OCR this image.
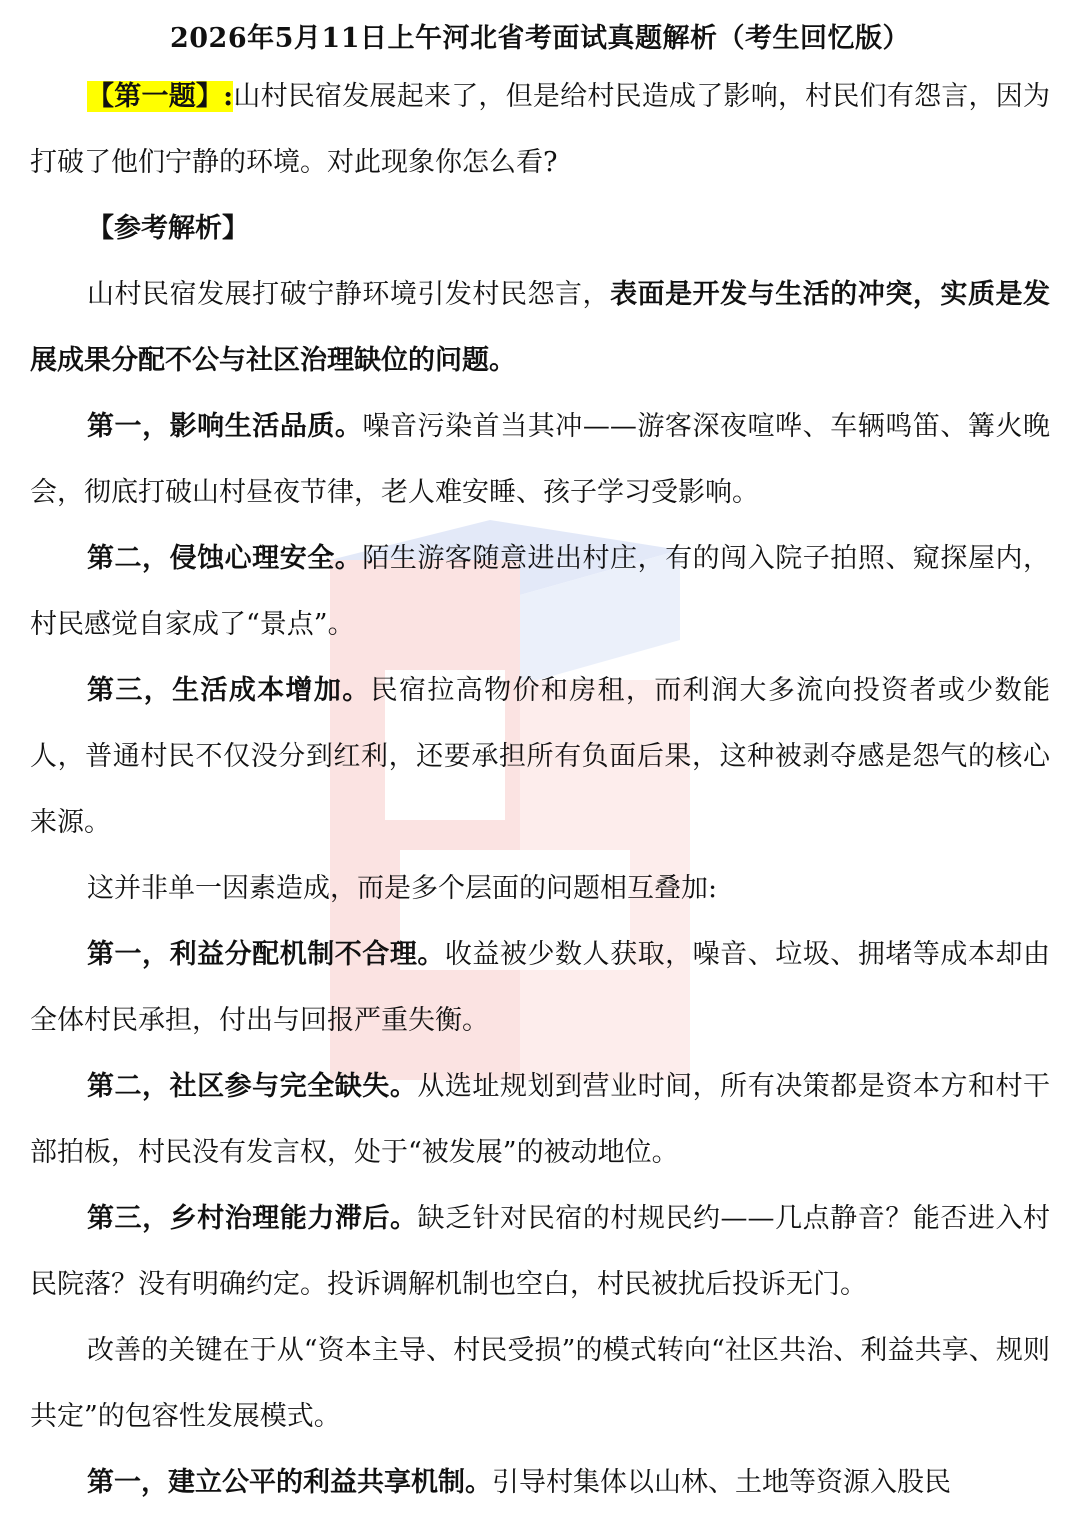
2026年5月11日上午河北省考面试真题解析（考生回忆版）

【第一题】:山村民宿发展起来了，但是给村民造成了影响，村民们有怨言，因为打破了他们宁静的环境。对此现象你怎么看?

【参考解析】

山村民宿发展打破宁静环境引发村民怨言，表面是开发与生活的冲突，实质是发展成果分配不公与社区治理缺位的问题。

第一，影响生活品质。噪音污染首当其冲——游客深夜喧哗、车辆鸣笛、篝火晚会，彻底打破山村昼夜节律，老人难安睡、孩子学习受影响。

第二，侵蚀心理安全。陌生游客随意进出村庄，有的闯入院子拍照、窥探屋内，村民感觉自家成了“景点”。

第三，生活成本增加。民宿拉高物价和房租，而利润大多流向投资者或少数能人，普通村民不仅没分到红利，还要承担所有负面后果，这种被剥夺感是怨气的核心来源。

这并非单一因素造成，而是多个层面的问题相互叠加:

第一，利益分配机制不合理。收益被少数人获取，噪音、垃圾、拥堵等成本却由全体村民承担，付出与回报严重失衡。

第二，社区参与完全缺失。从选址规划到营业时间，所有决策都是资本方和村干部拍板，村民没有发言权，处于“被发展”的被动地位。

第三，乡村治理能力滞后。缺乏针对民宿的村规民约——几点静音？能否进入村民院落？没有明确约定。投诉调解机制也空白，村民被扰后投诉无门。

改善的关键在于从“资本主导、村民受损”的模式转向“社区共治、利益共享、规则共定”的包容性发展模式。

第一，建立公平的利益共享机制。引导村集体以山林、土地等资源入股民
